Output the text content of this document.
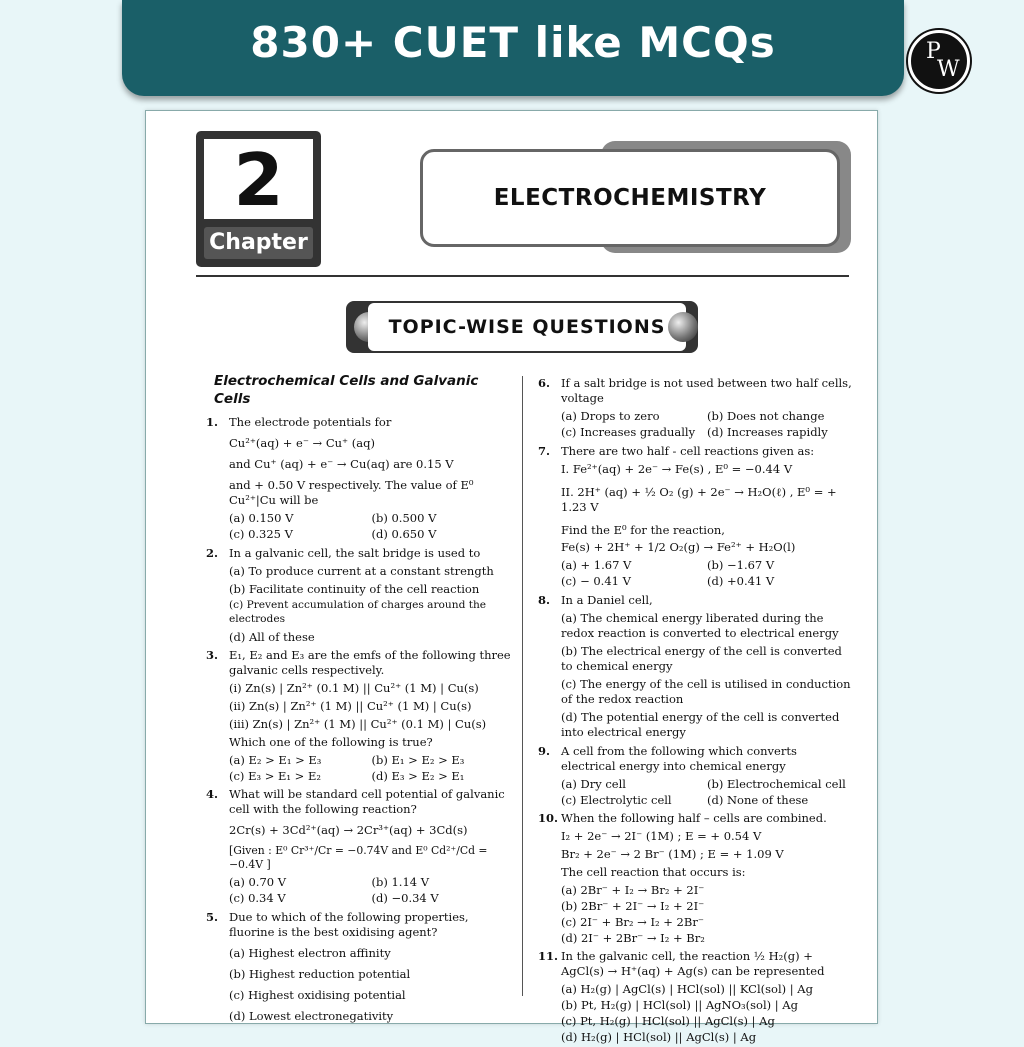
830+ CUET like MCQs	P
W
2
Chapter
ELECTROCHEMISTRY
TOPIC-WISE QUESTIONS
Electrochemical Cells and Galvanic Cells
1. The electrode potentials for
Cu²⁺(aq) + e⁻ → Cu⁺ (aq)
and Cu⁺ (aq) + e⁻ → Cu(aq) are 0.15 V
and + 0.50 V respectively. The value of E⁰ Cu²⁺|Cu will be
(a) 0.150 V	(b) 0.500 V
(c) 0.325 V	(d) 0.650 V
2. In a galvanic cell, the salt bridge is used to
(a) To produce current at a constant strength
(b) Facilitate continuity of the cell reaction
(c) Prevent accumulation of charges around the electrodes
(d) All of these
3. E₁, E₂ and E₃ are the emfs of the following three galvanic cells respectively.
(i) Zn(s) | Zn²⁺ (0.1 M) || Cu²⁺ (1 M) | Cu(s)
(ii) Zn(s) | Zn²⁺ (1 M) || Cu²⁺ (1 M) | Cu(s)
(iii) Zn(s) | Zn²⁺ (1 M) || Cu²⁺ (0.1 M) | Cu(s)
Which one of the following is true?
(a) E₂ > E₁ > E₃	(b) E₁ > E₂ > E₃
(c) E₃ > E₁ > E₂	(d) E₃ > E₂ > E₁
4. What will be standard cell potential of galvanic cell with the following reaction?
2Cr(s) + 3Cd²⁺(aq) → 2Cr³⁺(aq) + 3Cd(s)
[Given : E⁰ Cr³⁺/Cr = −0.74V and E⁰ Cd²⁺/Cd = −0.4V ]
(a) 0.70 V	(b) 1.14 V
(c) 0.34 V	(d) −0.34 V
5. Due to which of the following properties, fluorine is the best oxidising agent?
(a) Highest electron affinity
(b) Highest reduction potential
(c) Highest oxidising potential
(d) Lowest electronegativity
6. If a salt bridge is not used between two half cells, voltage
(a) Drops to zero	(b) Does not change
(c) Increases gradually	(d) Increases rapidly
7. There are two half - cell reactions given as:
I. Fe²⁺(aq) + 2e⁻ → Fe(s) , E⁰ = −0.44 V
II. 2H⁺ (aq) + ½ O₂ (g) + 2e⁻ → H₂O(ℓ) , E⁰ = + 1.23 V
Find the E⁰ for the reaction,
Fe(s) + 2H⁺ + 1/2 O₂(g) → Fe²⁺ + H₂O(l)
(a) + 1.67 V	(b) −1.67 V
(c) − 0.41 V	(d) +0.41 V
8. In a Daniel cell,
(a) The chemical energy liberated during the redox reaction is converted to electrical energy
(b) The electrical energy of the cell is converted to chemical energy
(c) The energy of the cell is utilised in conduction of the redox reaction
(d) The potential energy of the cell is converted into electrical energy
9. A cell from the following which converts electrical energy into chemical energy
(a) Dry cell	(b) Electrochemical cell
(c) Electrolytic cell	(d) None of these
10. When the following half – cells are combined.
I₂ + 2e⁻ → 2I⁻ (1M) ; E = + 0.54 V
Br₂ + 2e⁻ → 2 Br⁻ (1M) ; E = + 1.09 V
The cell reaction that occurs is:
(a) 2Br⁻ + I₂ → Br₂ + 2I⁻
(b) 2Br⁻ + 2I⁻ → I₂ + 2I⁻
(c) 2I⁻ + Br₂ → I₂ + 2Br⁻
(d) 2I⁻ + 2Br⁻ → I₂ + Br₂
11. In the galvanic cell, the reaction ½ H₂(g) + AgCl(s) → H⁺(aq) + Ag(s) can be represented
(a) H₂(g) | AgCl(s) | HCl(sol) || KCl(sol) | Ag
(b) Pt, H₂(g) | HCl(sol) || AgNO₃(sol) | Ag
(c) Pt, H₂(g) | HCl(sol) || AgCl(s) | Ag
(d) H₂(g) | HCl(sol) || AgCl(s) | Ag
